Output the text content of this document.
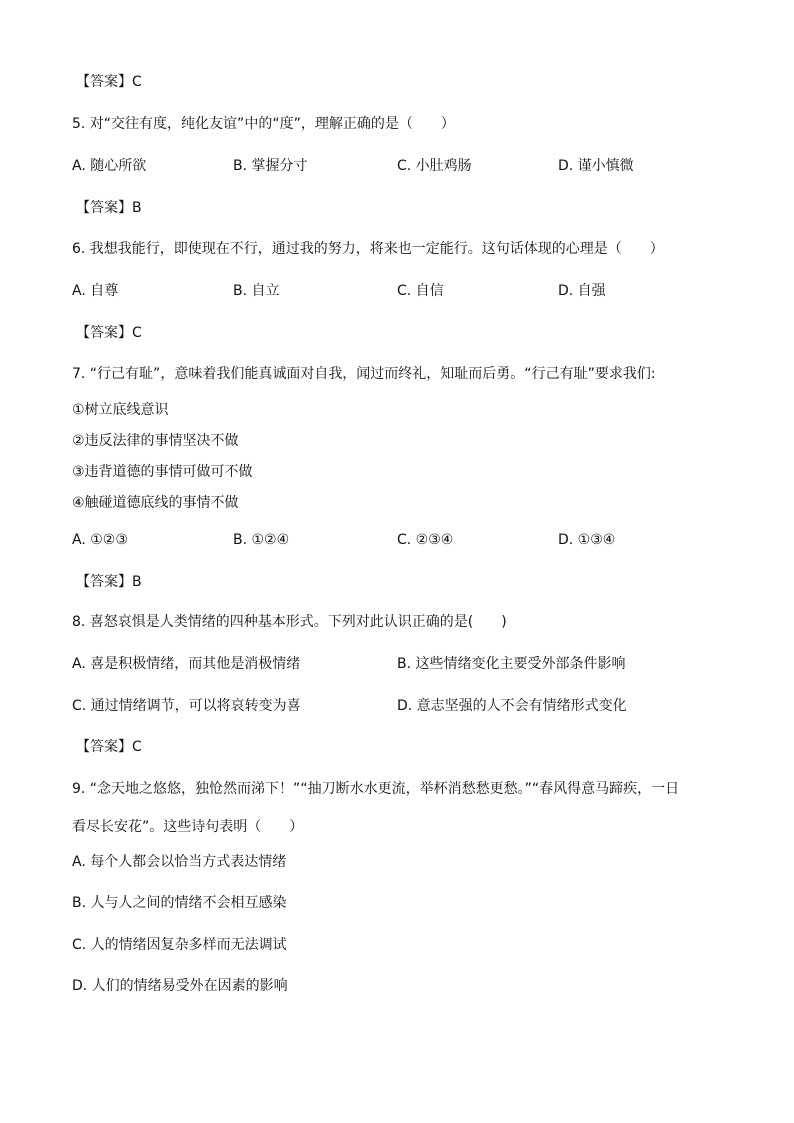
【答案】C
5. 对“交往有度，纯化友谊”中的“度”，理解正确的是（　　）
A. 随心所欲	B. 掌握分寸	C. 小肚鸡肠	D. 谨小慎微
【答案】B
6. 我想我能行，即使现在不行，通过我的努力，将来也一定能行。这句话体现的心理是（　　）
A. 自尊	B. 自立	C. 自信	D. 自强
【答案】C
7. “行己有耻”，意味着我们能真诚面对自我，闻过而终礼，知耻而后勇。“行己有耻”要求我们:
①树立底线意识
②违反法律的事情坚决不做
③违背道德的事情可做可不做
④触碰道德底线的事情不做
A. ①②③	B. ①②④	C. ②③④	D. ①③④
【答案】B
8. 喜怒哀惧是人类情绪的四种基本形式。下列对此认识正确的是(　　)
A. 喜是积极情绪，而其他是消极情绪	B. 这些情绪变化主要受外部条件影响
C. 通过情绪调节，可以将哀转变为喜	D. 意志坚强的人不会有情绪形式变化
【答案】C
9. “念天地之悠悠，独怆然而涕下！”“抽刀断水水更流，举杯消愁愁更愁。”“春风得意马蹄疾，一日
看尽长安花”。这些诗句表明（　　）
A. 每个人都会以恰当方式表达情绪
B. 人与人之间的情绪不会相互感染
C. 人的情绪因复杂多样而无法调试
D. 人们的情绪易受外在因素的影响
